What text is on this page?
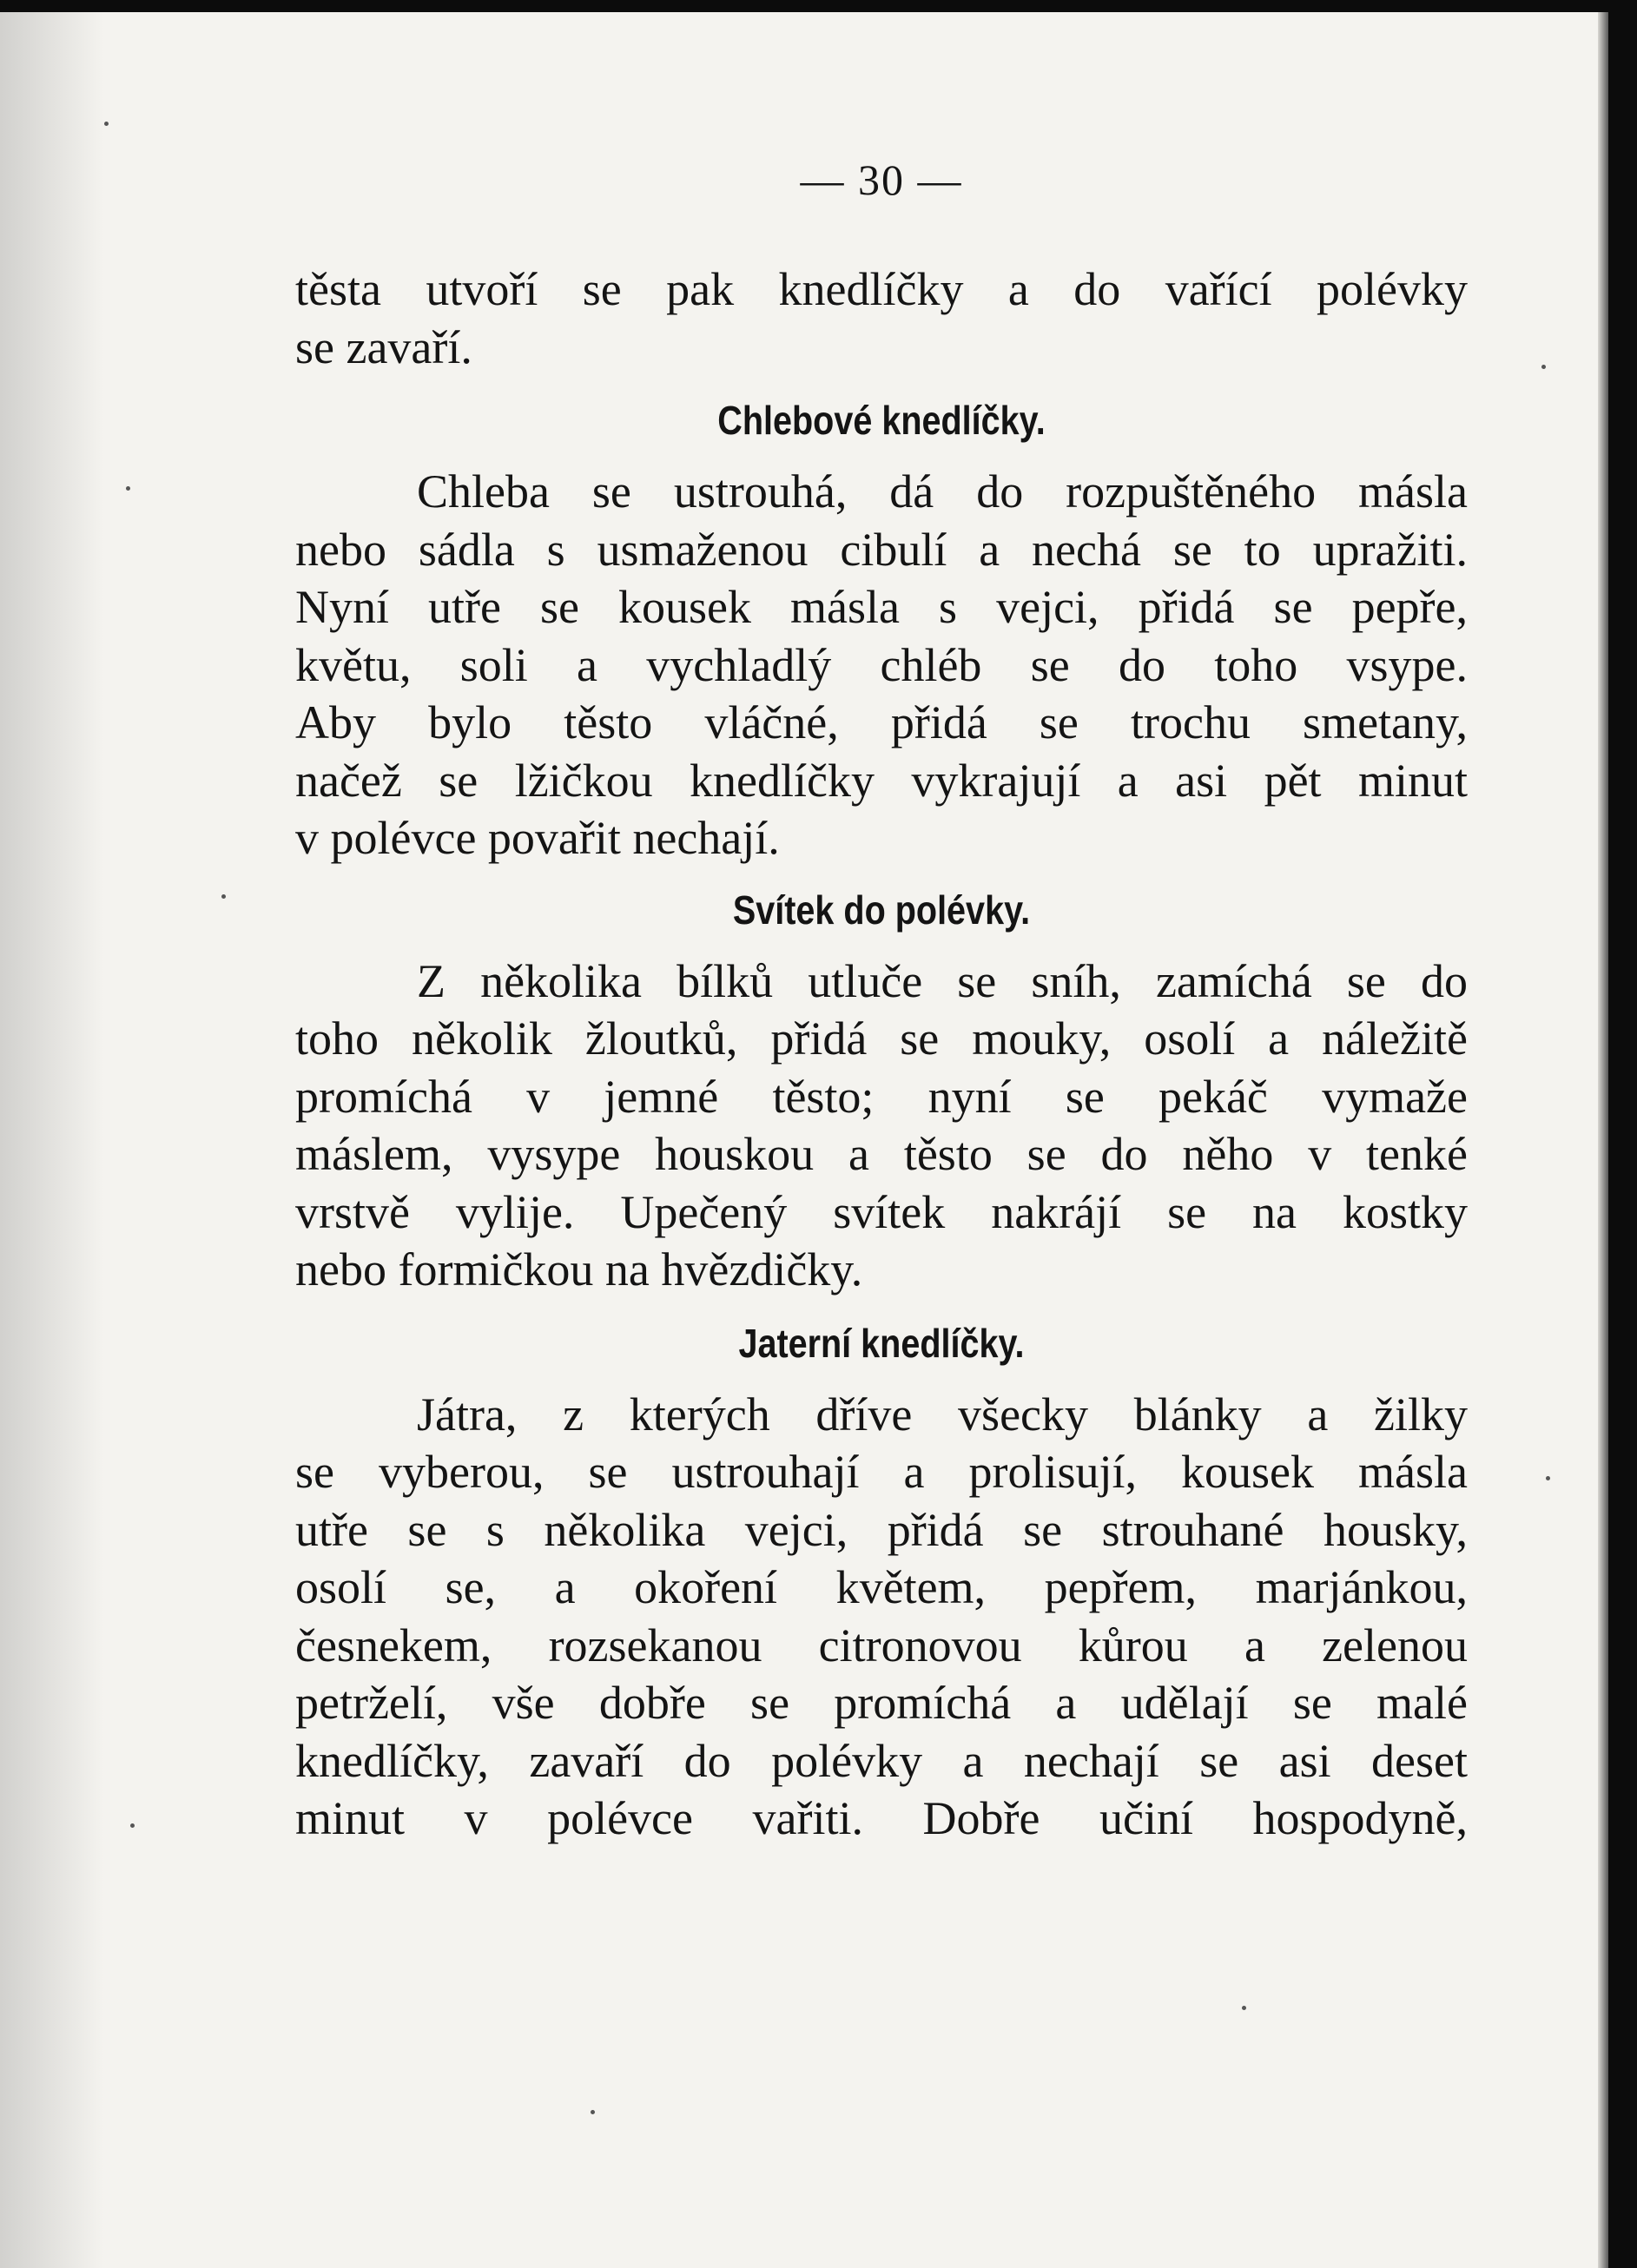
— 30 —

těsta utvoří se pak knedlíčky a do vařící polévky
se zavaří.

Chlebové knedlíčky.

Chleba se ustrouhá, dá do rozpuštěného másla
nebo sádla s usmaženou cibulí a nechá se to upražiti.
Nyní utře se kousek másla s vejci, přidá se pepře,
květu, soli a vychladlý chléb se do toho vsype.
Aby bylo těsto vláčné, přidá se trochu smetany,
načež se lžičkou knedlíčky vykrajují a asi pět minut
v polévce povařit nechají.

Svítek do polévky.

Z několika bílků utluče se sníh, zamíchá se do
toho několik žloutků, přidá se mouky, osolí a náležitě
promíchá v jemné těsto; nyní se pekáč vymaže
máslem, vysype houskou a těsto se do něho v tenké
vrstvě vylije. Upečený svítek nakrájí se na kostky
nebo formičkou na hvězdičky.

Jaterní knedlíčky.

Játra, z kterých dříve všecky blánky a žilky
se vyberou, se ustrouhají a prolisují, kousek másla
utře se s několika vejci, přidá se strouhané housky,
osolí se, a okoření květem, pepřem, marjánkou,
česnekem, rozsekanou citronovou kůrou a zelenou
petrželí, vše dobře se promíchá a udělají se malé
knedlíčky, zavaří do polévky a nechají se asi deset
minut v polévce vařiti. Dobře učiní hospodyně,
